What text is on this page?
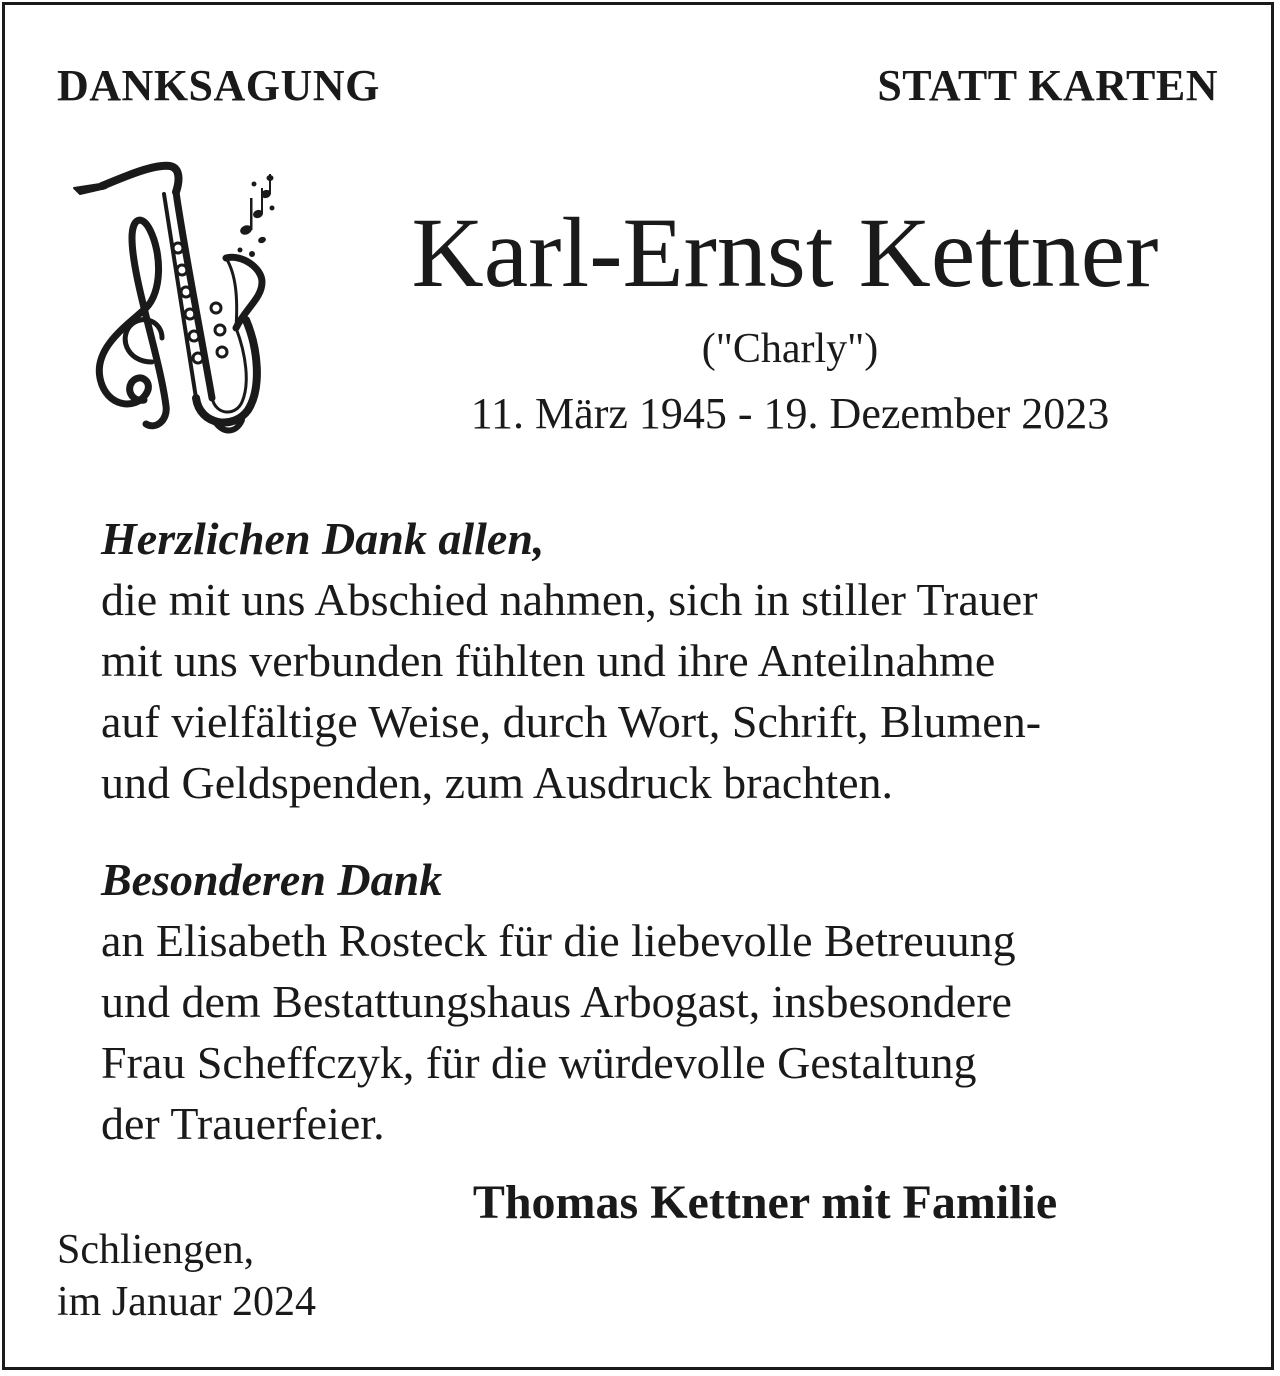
DANKSAGUNG	STATT KARTEN
Karl-Ernst Kettner
("Charly")
11. März 1945 - 19. Dezember 2023
Herzlichen Dank allen,
die mit uns Abschied nahmen, sich in stiller Trauer
mit uns verbunden fühlten und ihre Anteilnahme
auf vielfältige Weise, durch Wort, Schrift, Blumen-
und Geldspenden, zum Ausdruck brachten.
Besonderen Dank
an Elisabeth Rosteck für die liebevolle Betreuung
und dem Bestattungshaus Arbogast, insbesondere
Frau Scheffczyk, für die würdevolle Gestaltung
der Trauerfeier.
Thomas Kettner mit Familie
Schliengen,
im Januar 2024
